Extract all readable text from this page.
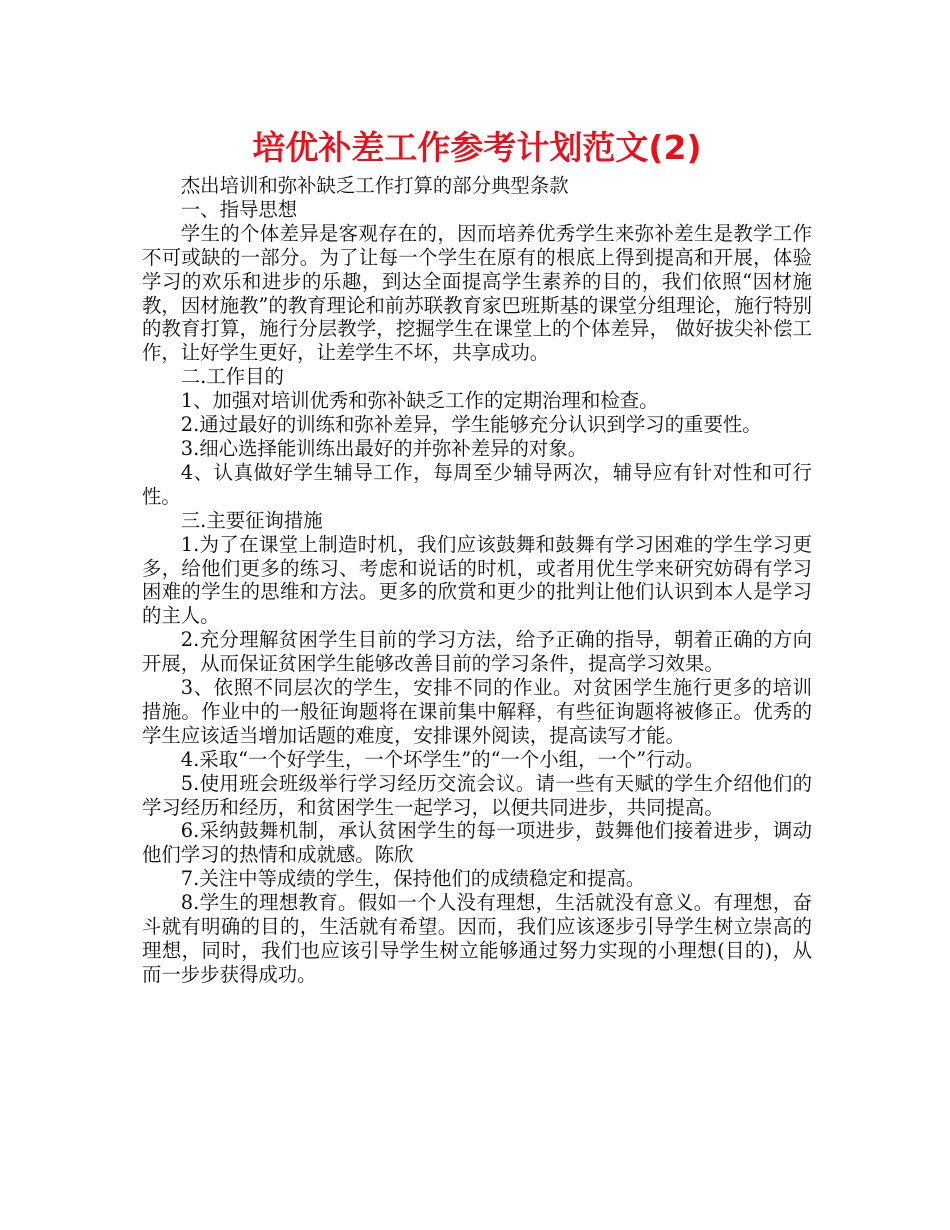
培优补差工作参考计划范文(2)

杰出培训和弥补缺乏工作打算的部分典型条款

一、指导思想

学生的个体差异是客观存在的，因而培养优秀学生来弥补差生是教学工作不可或缺的一部分。为了让每一个学生在原有的根底上得到提高和开展，体验学习的欢乐和进步的乐趣，到达全面提高学生素养的目的，我们依照“因材施教，因材施教”的教育理论和前苏联教育家巴班斯基的课堂分组理论，施行特别的教育打算，施行分层教学，挖掘学生在课堂上的个体差异， 做好拔尖补偿工作，让好学生更好，让差学生不坏，共享成功。

二.工作目的

1、加强对培训优秀和弥补缺乏工作的定期治理和检查。

2.通过最好的训练和弥补差异，学生能够充分认识到学习的重要性。

3.细心选择能训练出最好的并弥补差异的对象。

4、认真做好学生辅导工作，每周至少辅导两次，辅导应有针对性和可行性。

三.主要征询措施

1.为了在课堂上制造时机，我们应该鼓舞和鼓舞有学习困难的学生学习更多，给他们更多的练习、考虑和说话的时机，或者用优生学来研究妨碍有学习困难的学生的思维和方法。更多的欣赏和更少的批判让他们认识到本人是学习的主人。

2.充分理解贫困学生目前的学习方法，给予正确的指导，朝着正确的方向开展，从而保证贫困学生能够改善目前的学习条件，提高学习效果。

3、依照不同层次的学生，安排不同的作业。对贫困学生施行更多的培训措施。作业中的一般征询题将在课前集中解释，有些征询题将被修正。优秀的学生应该适当增加话题的难度，安排课外阅读，提高读写才能。

4.采取“一个好学生，一个坏学生”的“一个小组，一个”行动。

5.使用班会班级举行学习经历交流会议。请一些有天赋的学生介绍他们的学习经历和经历，和贫困学生一起学习，以便共同进步，共同提高。

6.采纳鼓舞机制，承认贫困学生的每一项进步，鼓舞他们接着进步，调动他们学习的热情和成就感。陈欣

7.关注中等成绩的学生，保持他们的成绩稳定和提高。

8.学生的理想教育。假如一个人没有理想，生活就没有意义。有理想，奋斗就有明确的目的，生活就有希望。因而，我们应该逐步引导学生树立崇高的理想，同时，我们也应该引导学生树立能够通过努力实现的小理想(目的)，从而一步步获得成功。
